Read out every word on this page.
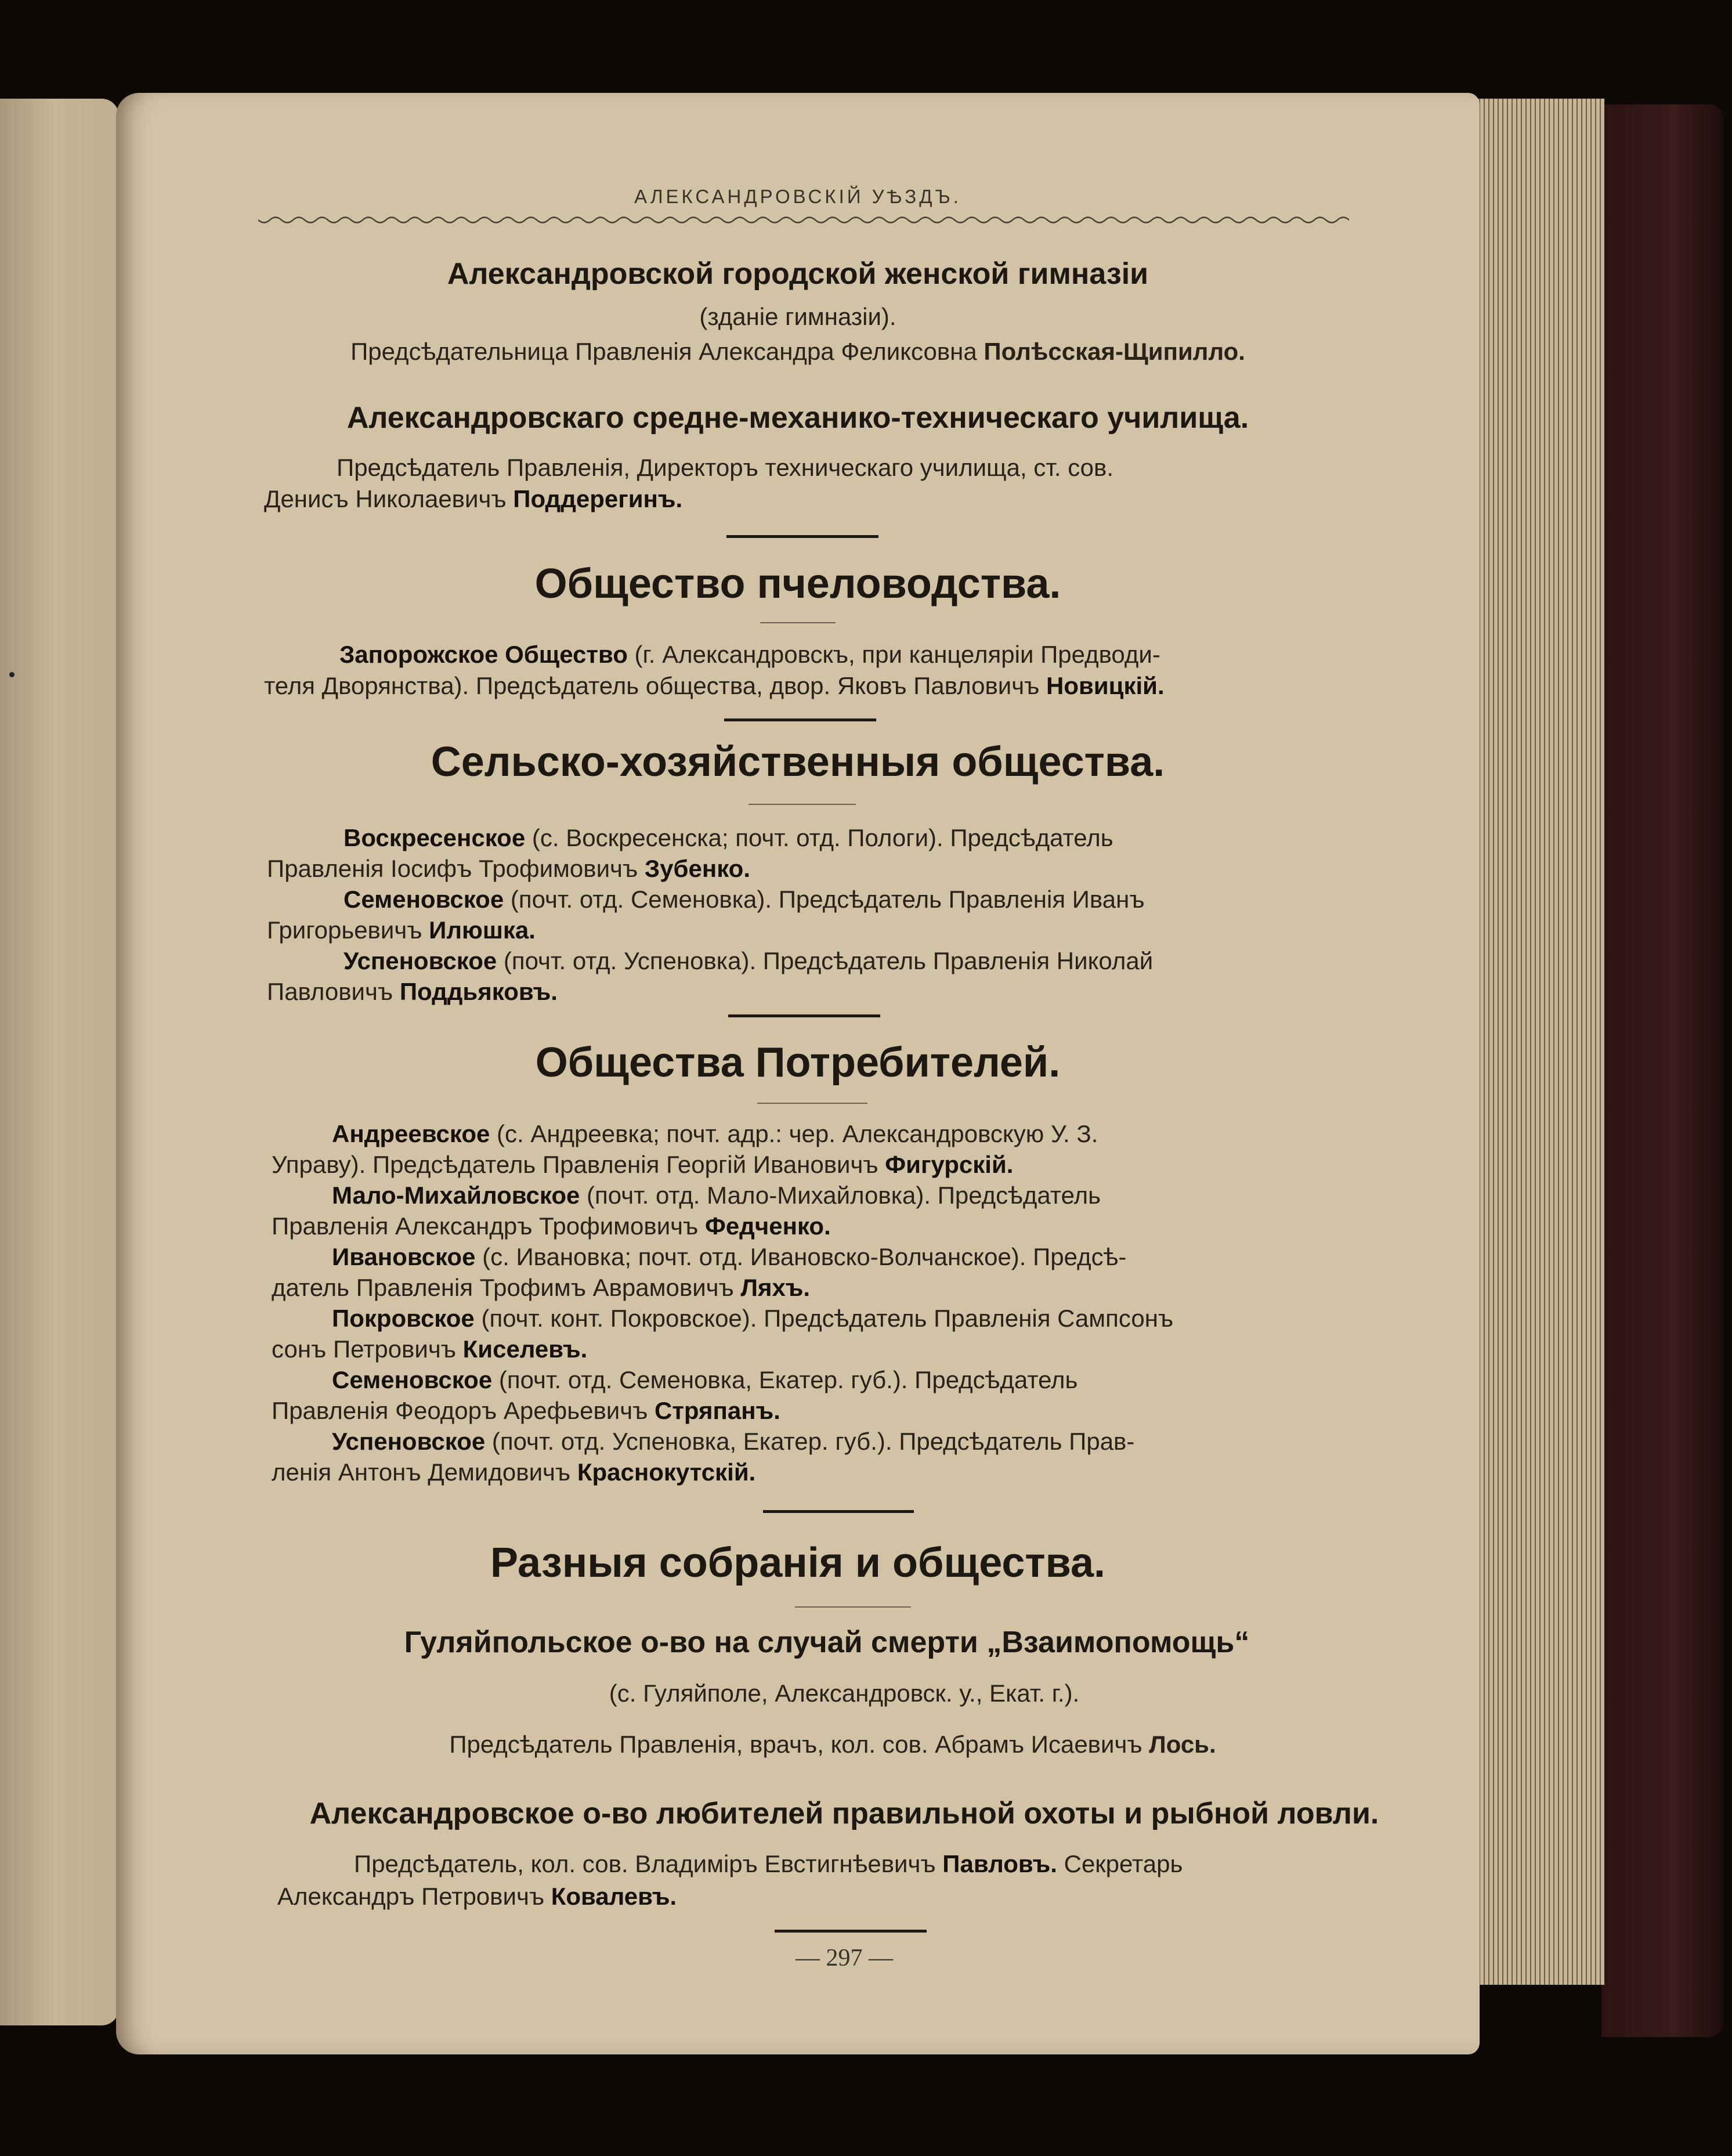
АЛЕКСАНДРОВСКІЙ УѢЗДЪ.
Александровской городской женской гимназіи
(зданіе гимназіи).
Предсѣдательница Правленія Александра Феликсовна Полѣсская-Щипилло.
Александровскаго средне-механико-техническаго училища.
Предсѣдатель Правленія, Директоръ техническаго училища, ст. сов.
Денисъ Николаевичъ Поддерегинъ.
Общество пчеловодства.
Запорожское Общество (г. Александровскъ, при канцеляріи Предводи-
теля Дворянства). Предсѣдатель общества, двор. Яковъ Павловичъ Новицкій.
Сельско-хозяйственныя общества.
Воскресенское (с. Воскресенска; почт. отд. Пологи). Предсѣдатель
Правленія Іосифъ Трофимовичъ Зубенко.
Семеновское (почт. отд. Семеновка). Предсѣдатель Правленія Иванъ
Григорьевичъ Илюшка.
Успеновское (почт. отд. Успеновка). Предсѣдатель Правленія Николай
Павловичъ Поддьяковъ.
Общества Потребителей.
Андреевское (с. Андреевка; почт. адр.: чер. Александровскую У. З.
Управу). Предсѣдатель Правленія Георгій Ивановичъ Фигурскій.
Мало-Михайловское (почт. отд. Мало-Михайловка). Предсѣдатель
Правленія Александръ Трофимовичъ Федченко.
Ивановское (с. Ивановка; почт. отд. Ивановско-Волчанское). Предсѣ-
датель Правленія Трофимъ Аврамовичъ Ляхъ.
Покровское (почт. конт. Покровское). Предсѣдатель Правленія Сампсонъ
сонъ Петровичъ Киселевъ.
Семеновское (почт. отд. Семеновка, Екатер. губ.). Предсѣдатель
Правленія Феодоръ Арефьевичъ Стряпанъ.
Успеновское (почт. отд. Успеновка, Екатер. губ.). Предсѣдатель Прав-
ленія Антонъ Демидовичъ Краснокутскій.
Разныя собранія и общества.
Гуляйпольское о-во на случай смерти „Взаимопомощь“
(с. Гуляйполе, Александровск. у., Екат. г.).
Предсѣдатель Правленія, врачъ, кол. сов. Абрамъ Исаевичъ Лось.
Александровское о-во любителей правильной охоты и рыбной ловли.
Предсѣдатель, кол. сов. Владиміръ Евстигнѣевичъ Павловъ. Секретарь
Александръ Петровичъ Ковалевъ.
— 297 —
